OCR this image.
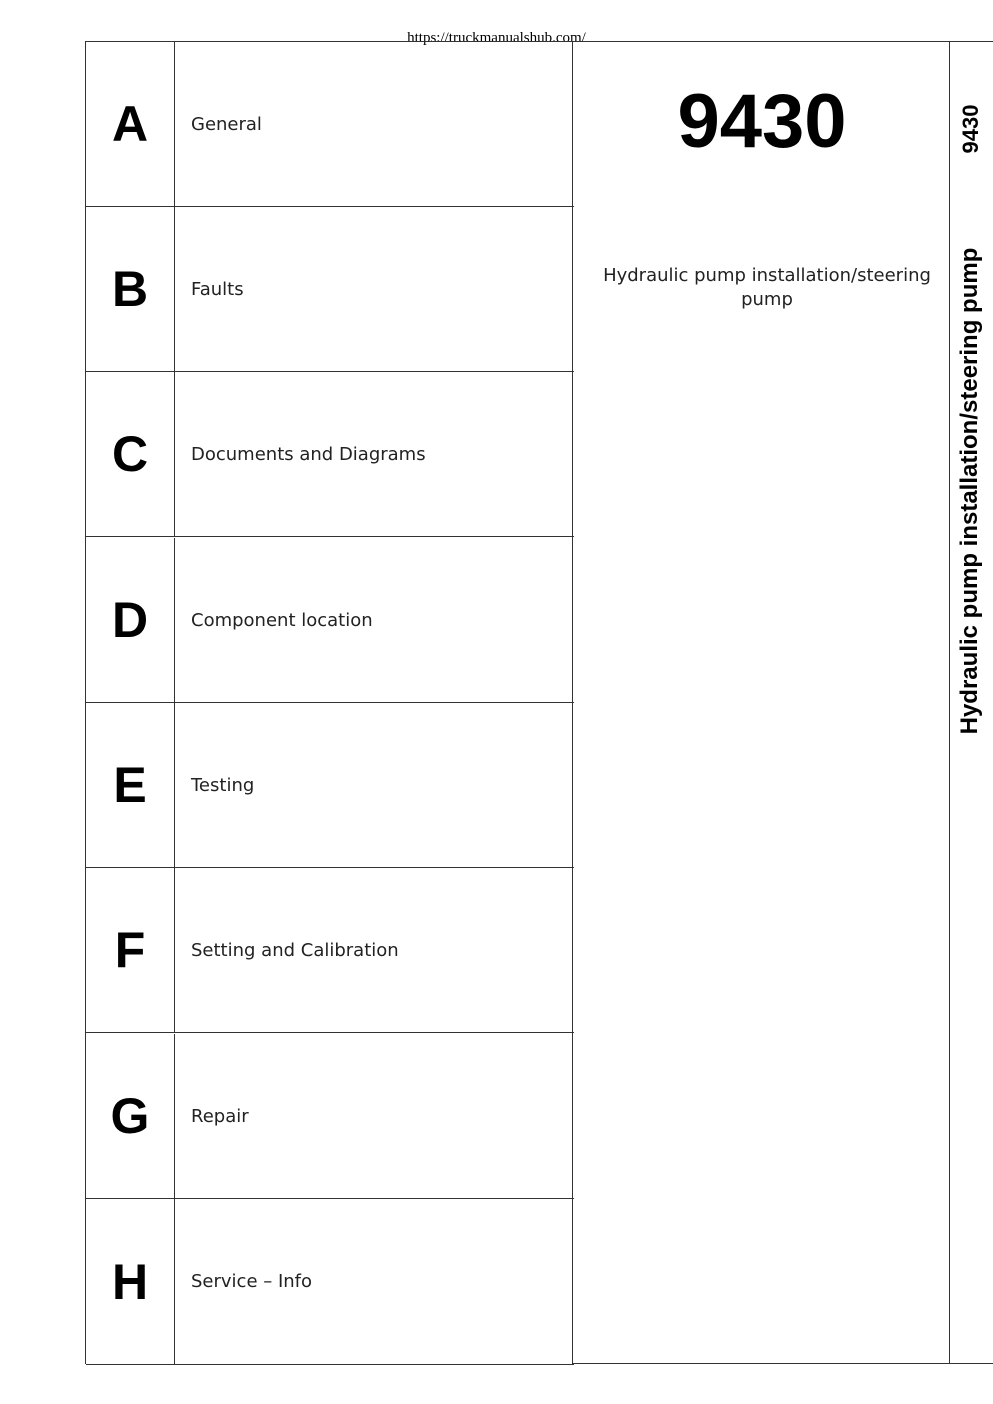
https://truckmanualshub.com/
A General
B Faults
C Documents and Diagrams
D Component location
E Testing
F	Setting and Calibration
G Repair
H Service – Info
9430
Hydraulic pump installation/steering pump
9430
Hydraulic pump installation/steering pump
